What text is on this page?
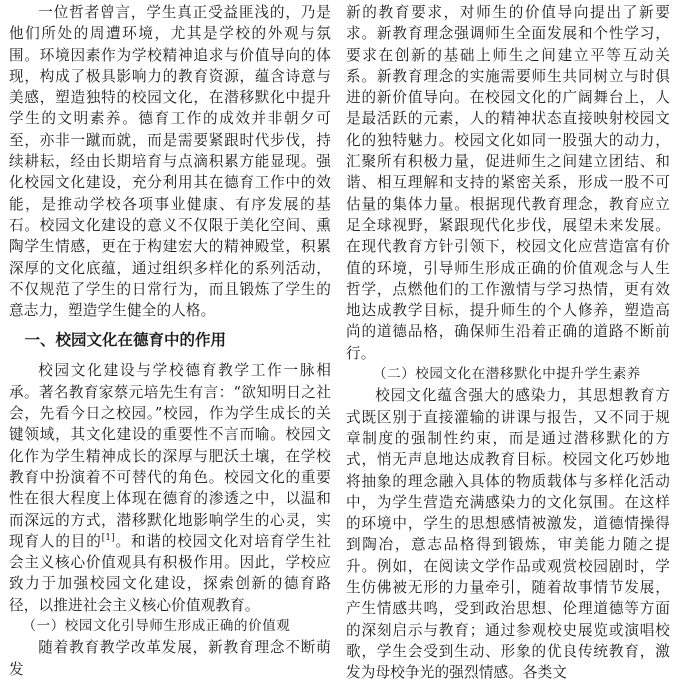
一位哲者曾言，学生真正受益匪浅的，乃是他们所处的周遭环境，尤其是学校的外观与氛围。环境因素作为学校精神追求与价值导向的体现，构成了极具影响力的教育资源，蕴含诗意与美感，塑造独特的校园文化，在潜移默化中提升学生的文明素养。德育工作的成效并非朝夕可至，亦非一蹴而就，而是需要紧跟时代步伐，持续耕耘，经由长期培育与点滴积累方能显现。强化校园文化建设，充分利用其在德育工作中的效能，是推动学校各项事业健康、有序发展的基石。校园文化建设的意义不仅限于美化空间、熏陶学生情感，更在于构建宏大的精神殿堂，积累深厚的文化底蕴，通过组织多样化的系列活动，不仅规范了学生的日常行为，而且锻炼了学生的意志力，塑造学生健全的人格。

一、校园文化在德育中的作用

校园文化建设与学校德育教学工作一脉相承。著名教育家蔡元培先生有言：“欲知明日之社会，先看今日之校园。”校园，作为学生成长的关键领域，其文化建设的重要性不言而喻。校园文化作为学生精神成长的深厚与肥沃土壤，在学校教育中扮演着不可替代的角色。校园文化的重要性在很大程度上体现在德育的渗透之中，以温和而深远的方式，潜移默化地影响学生的心灵，实现育人的目的[1]。和谐的校园文化对培育学生社会主义核心价值观具有积极作用。因此，学校应致力于加强校园文化建设，探索创新的德育路径，以推进社会主义核心价值观教育。

（一）校园文化引导师生形成正确的价值观

随着教育教学改革发展，新教育理念不断萌发

新的教育要求，对师生的价值导向提出了新要求。新教育理念强调师生全面发展和个性学习，要求在创新的基础上师生之间建立平等互动关系。新教育理念的实施需要师生共同树立与时俱进的新价值导向。在校园文化的广阔舞台上，人是最活跃的元素，人的精神状态直接映射校园文化的独特魅力。校园文化如同一股强大的动力，汇聚所有积极力量，促进师生之间建立团结、和谐、相互理解和支持的紧密关系，形成一股不可估量的集体力量。根据现代教育理念，教育应立足全球视野，紧跟现代化步伐，展望未来发展。在现代教育方针引领下，校园文化应营造富有价值的环境，引导师生形成正确的价值观念与人生哲学，点燃他们的工作激情与学习热情，更有效地达成教学目标，提升师生的个人修养，塑造高尚的道德品格，确保师生沿着正确的道路不断前行。

（二）校园文化在潜移默化中提升学生素养

校园文化蕴含强大的感染力，其思想教育方式既区别于直接灌输的讲课与报告，又不同于规章制度的强制性约束，而是通过潜移默化的方式，悄无声息地达成教育目标。校园文化巧妙地将抽象的理念融入具体的物质载体与多样化活动中，为学生营造充满感染力的文化氛围。在这样的环境中，学生的思想感情被激发，道德情操得到陶冶，意志品格得到锻炼，审美能力随之提升。例如，在阅读文学作品或观赏校园剧时，学生仿佛被无形的力量牵引，随着故事情节发展，产生情感共鸣，受到政治思想、伦理道德等方面的深刻启示与教育；通过参观校史展览或演唱校歌，学生会受到生动、形象的优良传统教育，激发为母校争光的强烈情感。各类文
